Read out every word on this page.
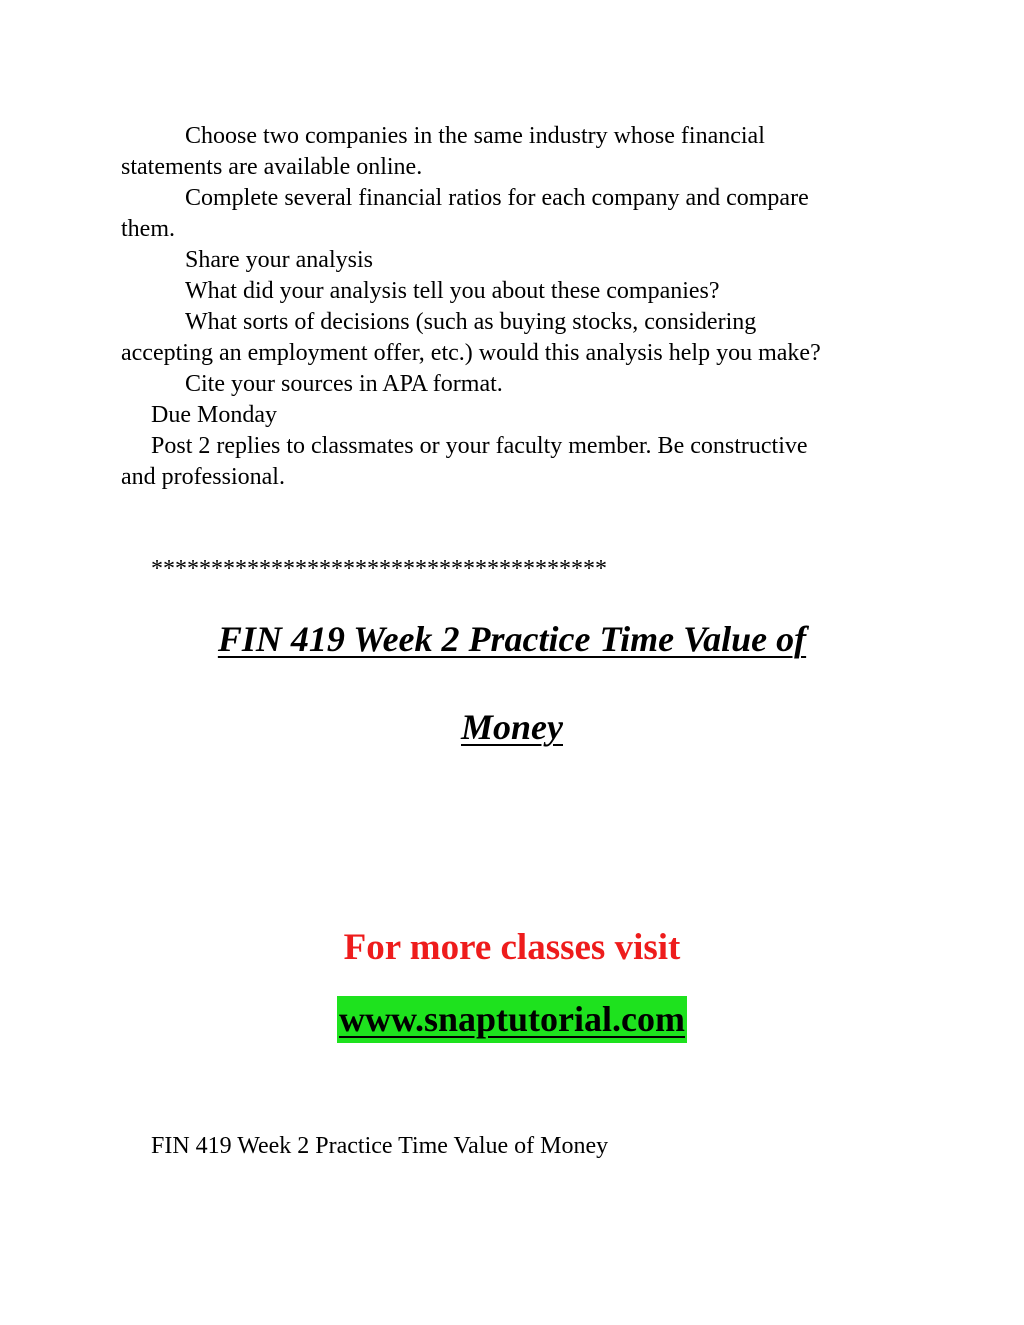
Choose two companies in the same industry whose financial
statements are available online.
Complete several financial ratios for each company and compare
them.
Share your analysis
What did your analysis tell you about these companies?
What sorts of decisions (such as buying stocks, considering
accepting an employment offer, etc.) would this analysis help you make?
Cite your sources in APA format.
Due Monday
Post 2 replies to classmates or your faculty member. Be constructive
and professional.
**************************************
FIN 419 Week 2 Practice Time Value of
Money
For more classes visit
www.snaptutorial.com
FIN 419 Week 2 Practice Time Value of Money
